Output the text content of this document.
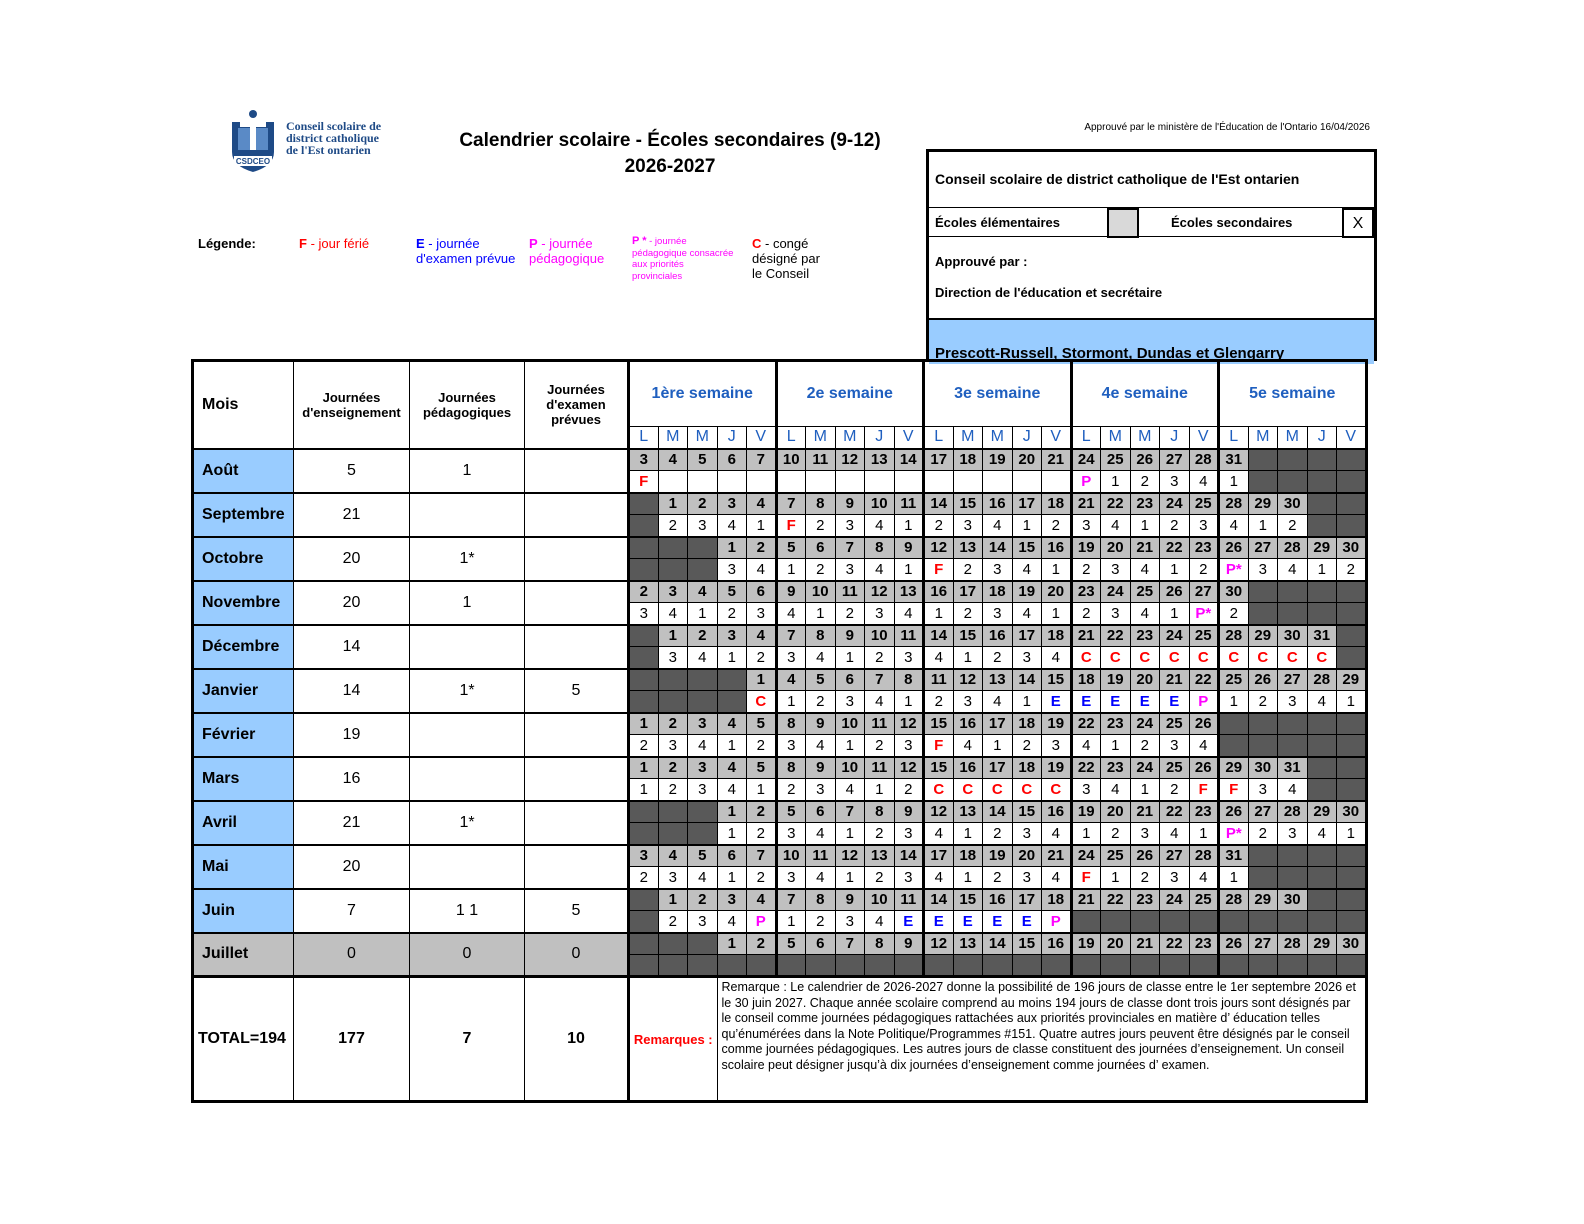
CSDCEO
Conseil scolaire de
district catholique
de l'Est ontarien	Calendrier scolaire - Écoles secondaires (9-12)
2026-2027
Approuvé par le ministère de l'Éducation de l'Ontario 16/04/2026
Légende:	F - jour férié	E - journée
d'examen prévue
P - journée
pédagogique
P * - journée
pédagogique consacrée
aux priorités
provinciales
C - congé
désigné par
le Conseil
Conseil scolaire de district catholique de l'Est ontarien
Écoles élémentaires	Écoles secondaires	X
Approuvé par :
Direction de l'éducation et secrétaire
Prescott-Russell, Stormont, Dundas et Glengarry
Mois	Journées d'enseignement	Journées pédagogiques	Journées d'examen prévues	1ère semaine					2e semaine					3e semaine					4e semaine					5e semaine				
				L	M	M	J	V	L	M	M	J	V	L	M	M	J	V	L	M	M	J	V	L	M	M	J	V
Août	5	1		3	4	5	6	7	10	11	12	13	14	17	18	19	20	21	24	25	26	27	28	31				
				F															P	1	2	3	4	1				
Septembre	21				1	2	3	4	7	8	9	10	11	14	15	16	17	18	21	22	23	24	25	28	29	30		
					2	3	4	1	F	2	3	4	1	2	3	4	1	2	3	4	1	2	3	4	1	2		
Octobre	20	1*					1	2	5	6	7	8	9	12	13	14	15	16	19	20	21	22	23	26	27	28	29	30
							3	4	1	2	3	4	1	F	2	3	4	1	2	3	4	1	2	P*	3	4	1	2
Novembre	20	1		2	3	4	5	6	9	10	11	12	13	16	17	18	19	20	23	24	25	26	27	30				
				3	4	1	2	3	4	1	2	3	4	1	2	3	4	1	2	3	4	1	P*	2				
Décembre	14				1	2	3	4	7	8	9	10	11	14	15	16	17	18	21	22	23	24	25	28	29	30	31	
					3	4	1	2	3	4	1	2	3	4	1	2	3	4	C	C	C	C	C	C	C	C	C	
Janvier	14	1*	5					1	4	5	6	7	8	11	12	13	14	15	18	19	20	21	22	25	26	27	28	29
								C	1	2	3	4	1	2	3	4	1	E	E	E	E	E	P	1	2	3	4	1
Février	19			1	2	3	4	5	8	9	10	11	12	15	16	17	18	19	22	23	24	25	26					
				2	3	4	1	2	3	4	1	2	3	F	4	1	2	3	4	1	2	3	4					
Mars	16			1	2	3	4	5	8	9	10	11	12	15	16	17	18	19	22	23	24	25	26	29	30	31		
				1	2	3	4	1	2	3	4	1	2	C	C	C	C	C	3	4	1	2	F	F	3	4		
Avril	21	1*					1	2	5	6	7	8	9	12	13	14	15	16	19	20	21	22	23	26	27	28	29	30
							1	2	3	4	1	2	3	4	1	2	3	4	1	2	3	4	1	P*	2	3	4	1
Mai	20			3	4	5	6	7	10	11	12	13	14	17	18	19	20	21	24	25	26	27	28	31				
				2	3	4	1	2	3	4	1	2	3	4	1	2	3	4	F	1	2	3	4	1				
Juin	7	1 1	5		1	2	3	4	7	8	9	10	11	14	15	16	17	18	21	22	23	24	25	28	29	30		
					2	3	4	P	1	2	3	4	E	E	E	E	E	P										
Juillet	0	0	0				1	2	5	6	7	8	9	12	13	14	15	16	19	20	21	22	23	26	27	28	29	30

TOTAL=194	177	7	10	Remarques :			Remarque : Le calendrier de 2026-2027 donne la possibilité de 196 jours de classe entre le 1er septembre 2026 et le 30 juin 2027. Chaque année scolaire comprend au moins 194 jours de classe dont trois jours sont désignés par le conseil comme journées pédagogiques rattachées aux priorités provinciales en matière d’ éducation telles qu’énumérées dans la Note Politique/Programmes #151. Quatre autres jours peuvent être désignés par le conseil comme journées pédagogiques. Les autres jours de classe constituent des journées d’enseignement. Un conseil scolaire peut désigner jusqu’à dix journées d’enseignement comme journées d’ examen.																					
